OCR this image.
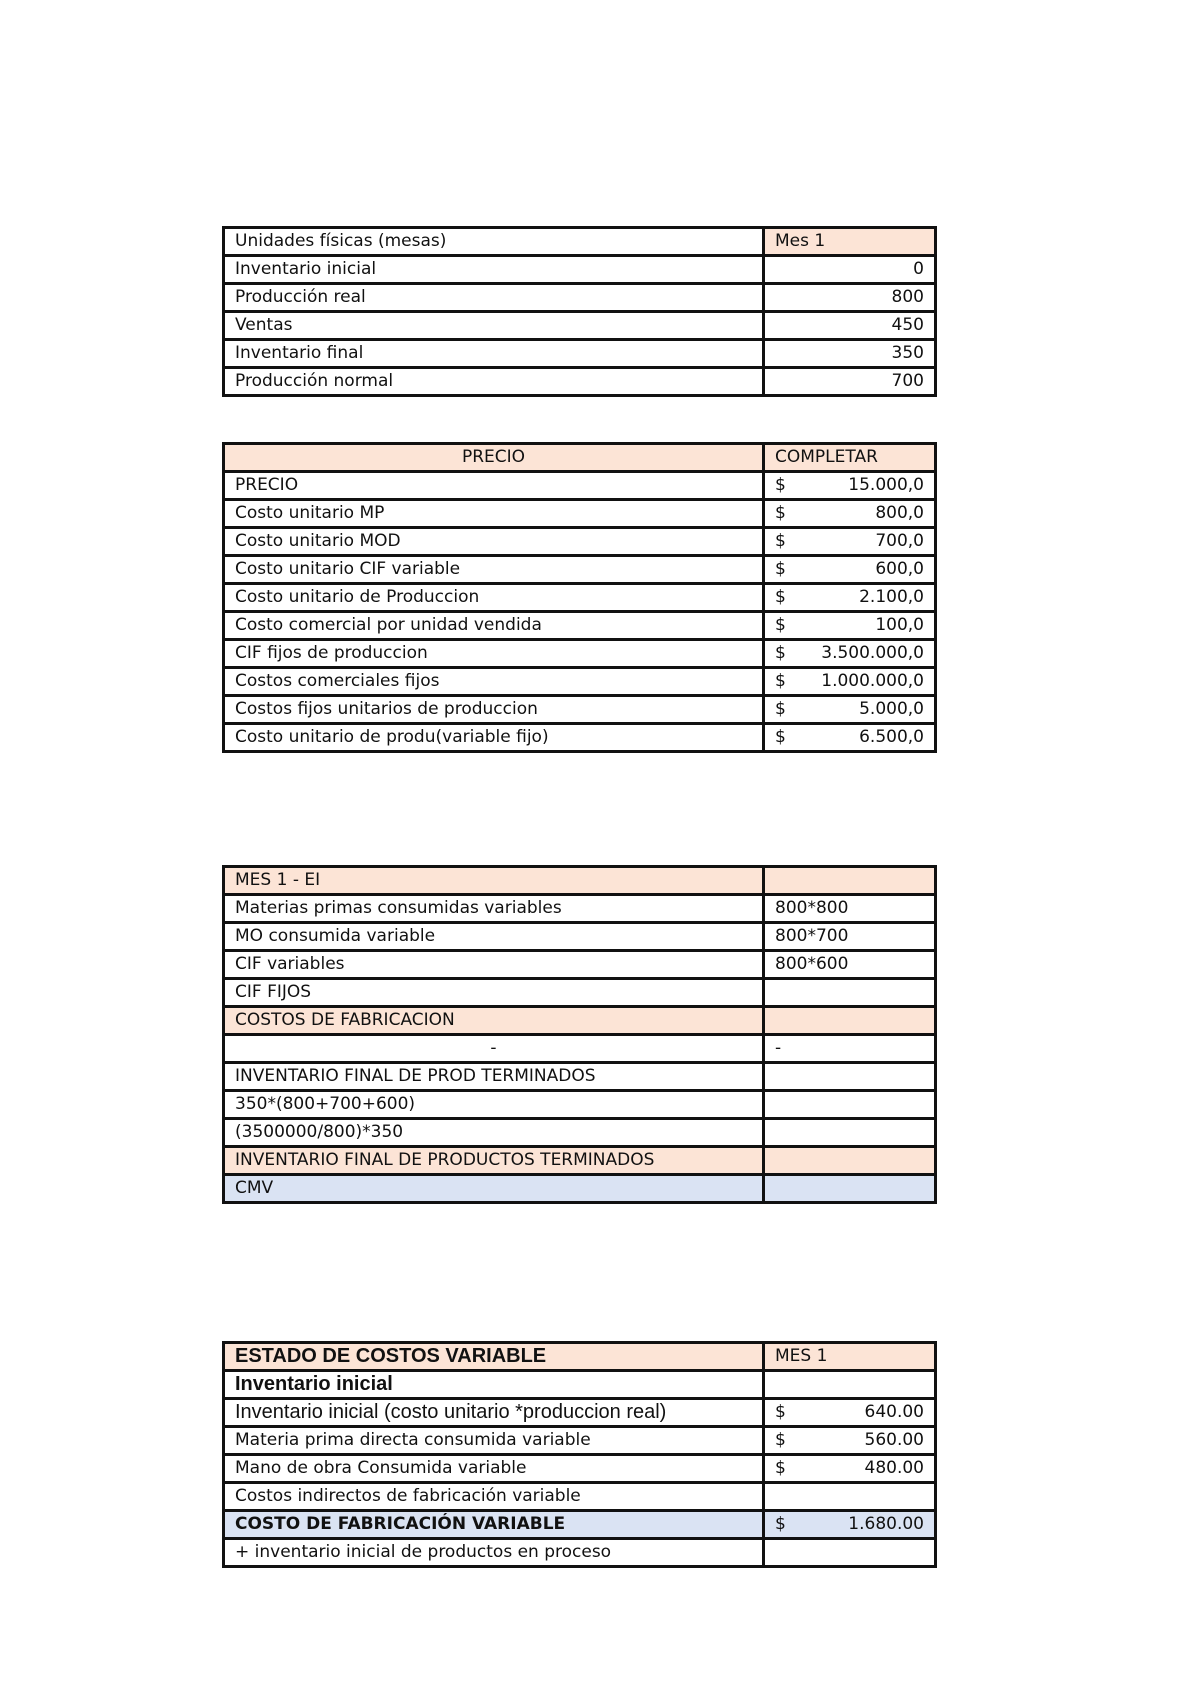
Unidades físicas (mesas)	Mes 1
Inventario inicial	0
Producción real	800
Ventas	450
Inventario final	350
Producción normal	700
PRECIO	COMPLETAR
PRECIO	$ 15.000,0

Costo unitario MP	$ 800,0

Costo unitario MOD	$ 700,0

Costo unitario CIF variable	$ 600,0

Costo unitario de Produccion	$ 2.100,0

Costo comercial por unidad vendida	$ 100,0

CIF fijos de produccion	$ 3.500.000,0

Costos comerciales fijos	$ 1.000.000,0

Costos fijos unitarios de produccion	$ 5.000,0

Costo unitario de produ(variable fijo)	$ 6.500,0
MES 1 - EI	
Materias primas consumidas variables	800*800
MO consumida variable	800*700
CIF variables	800*600
CIF FIJOS	
COSTOS DE FABRICACION	
-	-
INVENTARIO FINAL DE PROD TERMINADOS	
350*(800+700+600)	
(3500000/800)*350	
INVENTARIO FINAL DE PRODUCTOS TERMINADOS	
CMV	
ESTADO DE COSTOS VARIABLE	MES 1
Inventario inicial	
Inventario inicial (costo unitario *produccion real)	$ 640.00

Materia prima directa consumida variable	$ 560.00

Mano de obra Consumida variable	$ 480.00

Costos indirectos de fabricación variable	
COSTO DE FABRICACIÓN VARIABLE	$ 1.680.00

+ inventario inicial de productos en proceso	
